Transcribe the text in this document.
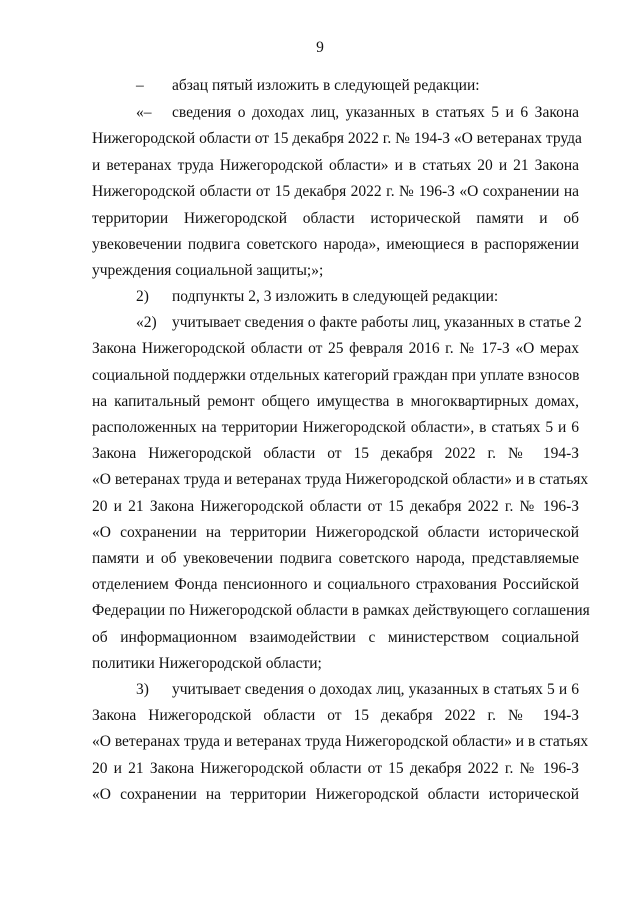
9
– абзац пятый изложить в следующей редакции:
«– сведения о доходах лиц, указанных в статьях 5 и 6 Закона
Нижегородской области от 15 декабря 2022 г. № 194-З «О ветеранах труда
и ветеранах труда Нижегородской области» и в статьях 20 и 21 Закона
Нижегородской области от 15 декабря 2022 г. № 196-З «О сохранении на
территории Нижегородской области исторической памяти и об
увековечении подвига советского народа», имеющиеся в распоряжении
учреждения социальной защиты;»;
2) подпункты 2, 3 изложить в следующей редакции:
«2) учитывает сведения о факте работы лиц, указанных в статье 2
Закона Нижегородской области от 25 февраля 2016 г. № 17-З «О мерах
социальной поддержки отдельных категорий граждан при уплате взносов
на капитальный ремонт общего имущества в многоквартирных домах,
расположенных на территории Нижегородской области», в статьях 5 и 6
Закона Нижегородской области от 15 декабря 2022 г. № 194-З
«О ветеранах труда и ветеранах труда Нижегородской области» и в статьях
20 и 21 Закона Нижегородской области от 15 декабря 2022 г. № 196-З
«О сохранении на территории Нижегородской области исторической
памяти и об увековечении подвига советского народа, представляемые
отделением Фонда пенсионного и социального страхования Российской
Федерации по Нижегородской области в рамках действующего соглашения
об информационном взаимодействии с министерством социальной
политики Нижегородской области;
3) учитывает сведения о доходах лиц, указанных в статьях 5 и 6
Закона Нижегородской области от 15 декабря 2022 г. № 194-З
«О ветеранах труда и ветеранах труда Нижегородской области» и в статьях
20 и 21 Закона Нижегородской области от 15 декабря 2022 г. № 196-З
«О сохранении на территории Нижегородской области исторической
